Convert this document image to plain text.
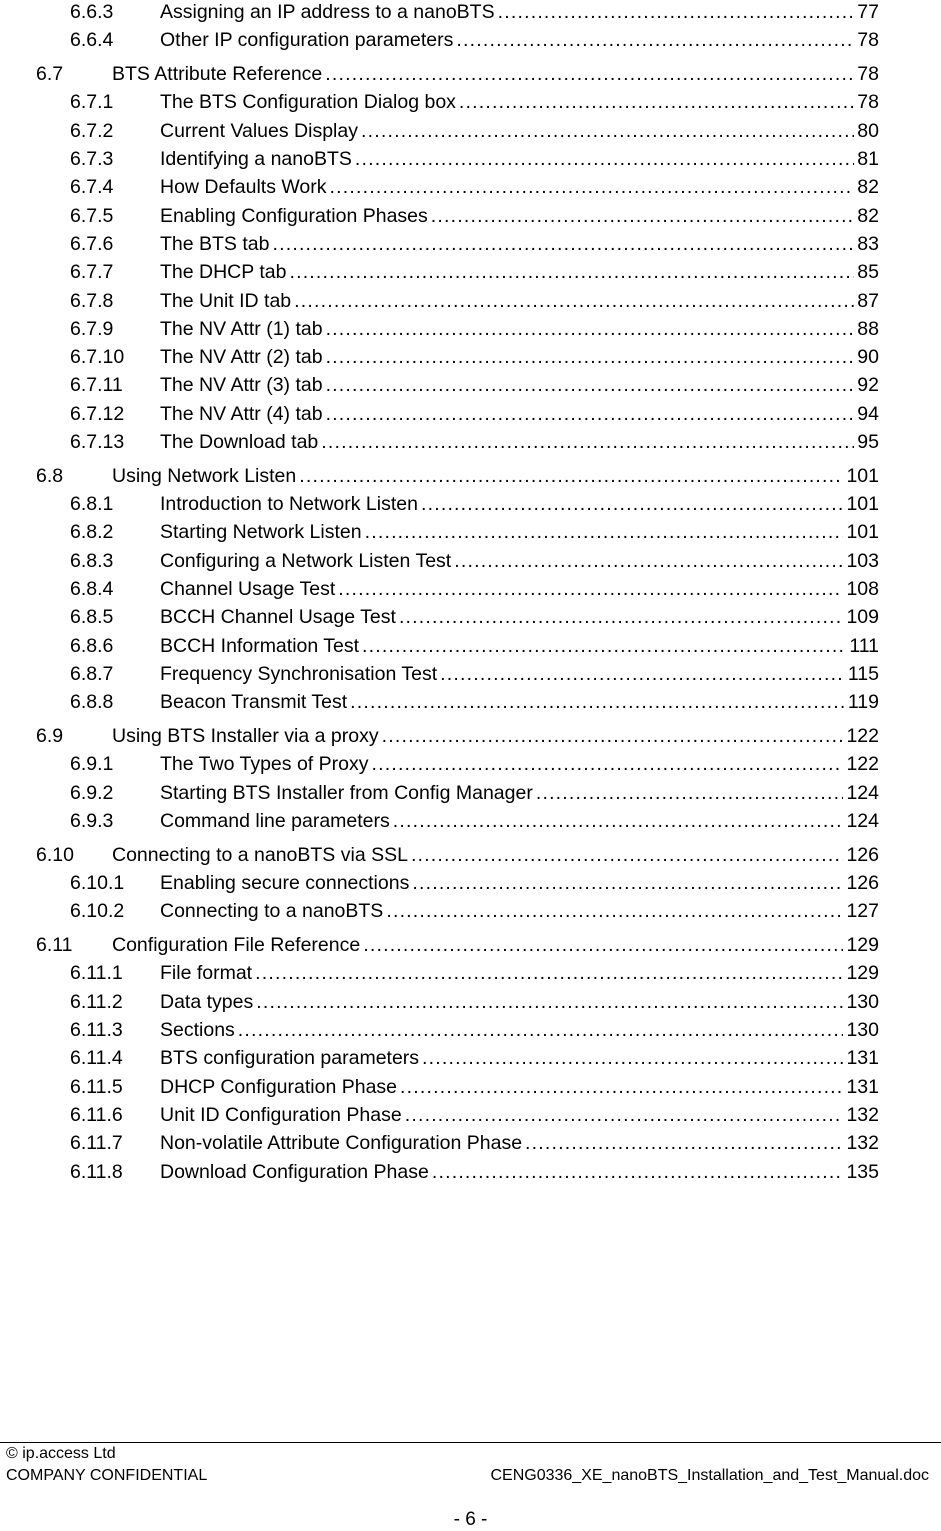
6.6.3 Assigning an IP address to a nanoBTS .....	77
6.6.4 Other IP configuration parameters .....	78
6.7	BTS Attribute Reference .....	78
6.7.1 The BTS Configuration Dialog box .....	78
6.7.2 Current Values Display .....	80
6.7.3 Identifying a nanoBTS .....	81
6.7.4 How Defaults Work .....	82
6.7.5 Enabling Configuration Phases .....	82
6.7.6 The BTS tab .....	83
6.7.7 The DHCP tab .....	85
6.7.8 The Unit ID tab .....	87
6.7.9 The NV Attr (1) tab .....	88
6.7.10 The NV Attr (2) tab .....	90
6.7.11 The NV Attr (3) tab .....	92
6.7.12 The NV Attr (4) tab .....	94
6.7.13 The Download tab .....	95
6.8	Using Network Listen .....	101
6.8.1 Introduction to Network Listen .....	101
6.8.2 Starting Network Listen .....	101
6.8.3 Configuring a Network Listen Test .....	103
6.8.4 Channel Usage Test .....	108
6.8.5 BCCH Channel Usage Test .....	109
6.8.6 BCCH Information Test .....	111
6.8.7 Frequency Synchronisation Test .....	115
6.8.8 Beacon Transmit Test .....	119
6.9	Using BTS Installer via a proxy .....	122
6.9.1 The Two Types of Proxy .....	122
6.9.2 Starting BTS Installer from Config Manager .....	124
6.9.3 Command line parameters .....	124
6.10 Connecting to a nanoBTS via SSL .....	126
6.10.1 Enabling secure connections .....	126
6.10.2 Connecting to a nanoBTS .....	127
6.11 Configuration File Reference .....	129
6.11.1 File format .....	129
6.11.2 Data types .....	130
6.11.3 Sections .....	130
6.11.4 BTS configuration parameters .....	131
6.11.5 DHCP Configuration Phase .....	131
6.11.6 Unit ID Configuration Phase .....	132
6.11.7 Non-volatile Attribute Configuration Phase .....	132
6.11.8 Download Configuration Phase .....	135
© ip.access Ltd
COMPANY CONFIDENTIAL	CENG0336_XE_nanoBTS_Installation_and_Test_Manual.doc
- 6 -
